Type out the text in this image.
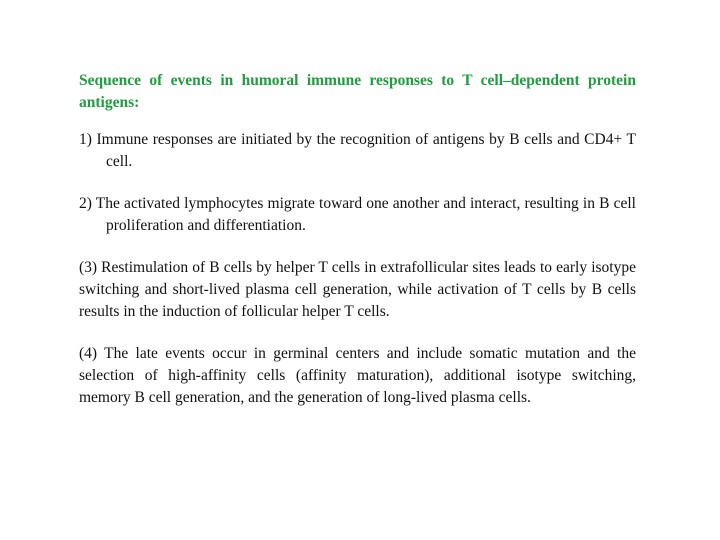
Sequence of events in humoral immune responses to T cell–dependent protein antigens:

1) Immune responses are initiated by the recognition of antigens by B cells and CD4+ T cell.

2) The activated lymphocytes migrate toward one another and interact, resulting in B cell proliferation and differentiation.

(3) Restimulation of B cells by helper T cells in extrafollicular sites leads to early isotype switching and short-lived plasma cell generation, while activation of T cells by B cells results in the induction of follicular helper T cells.

(4) The late events occur in germinal centers and include somatic mutation and the selection of high-affinity cells (affinity maturation), additional isotype switching, memory B cell generation, and the generation of long-lived plasma cells.
